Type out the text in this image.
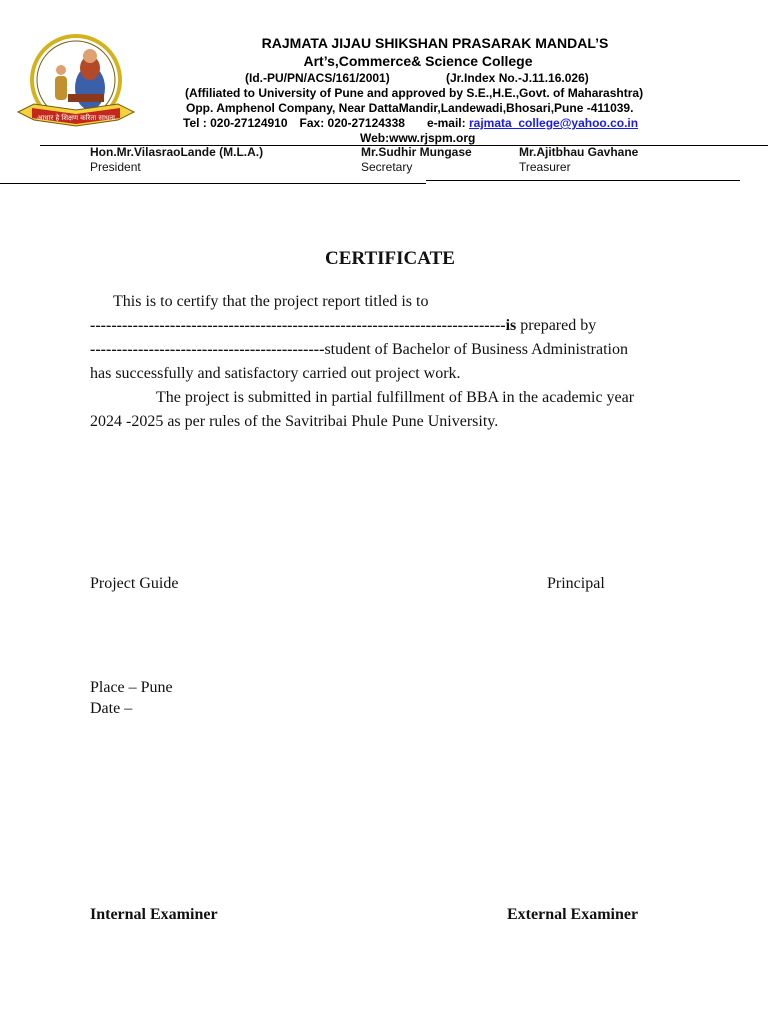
आधार हे शिक्षण करिता साधना
RAJMATA JIJAU SHIKSHAN PRASARAK MANDAL’S
Art’s,Commerce& Science College
(Id.-PU/PN/ACS/161/2001)	(Jr.Index No.-J.11.16.026)
(Affiliated to University of Pune and approved by S.E.,H.E.,Govt. of Maharashtra)
Opp. Amphenol Company, Near DattaMandir,Landewadi,Bhosari,Pune -411039.
Tel : 020-27124910 Fax: 020-27124338 e-mail: rajmata_college@yahoo.co.in
Web:www.rjspm.org
Hon.Mr.VilasraoLande (M.L.A.)
President
Mr.Sudhir Mungase
Secretary
Mr.Ajitbhau Gavhane
Treasurer
CERTIFICATE

This is to certify that the project report titled is to

------------------------------------------------------------------------------is prepared by

--------------------------------------------student of Bachelor of Business Administration

has successfully and satisfactory carried out project work.

The project is submitted in partial fulfillment of BBA in the academic year

2024 -2025 as per rules of the Savitribai Phule Pune University.

Project Guide	Principal
Place – Pune
Date –
Internal Examiner	External Examiner
